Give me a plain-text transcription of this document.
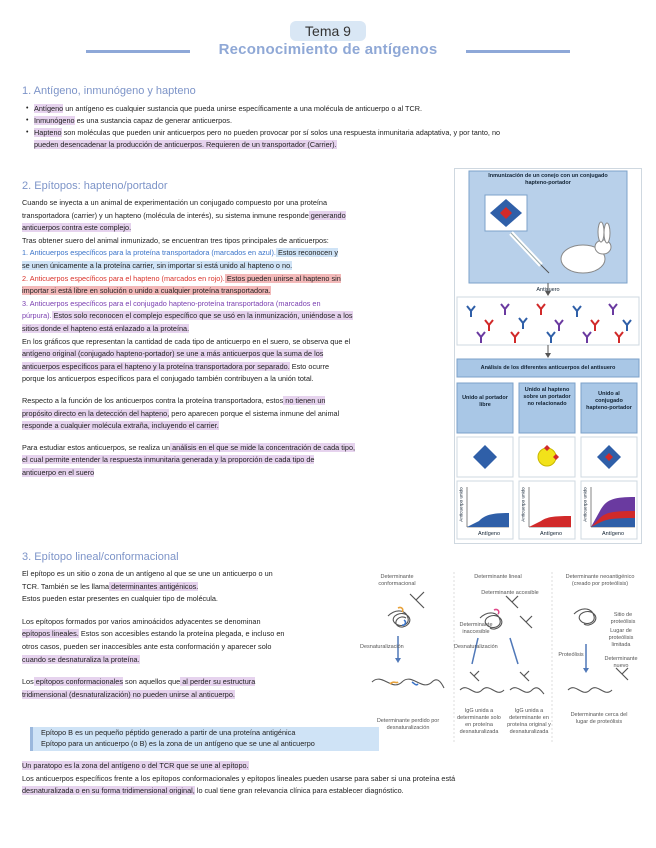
Tema 9
Reconocimiento de antígenos
1. Antígeno, inmunógeno y hapteno
• Antígeno un antígeno es cualquier sustancia que pueda unirse específicamente a una molécula de anticuerpo o al TCR.
• Inmunógeno es una sustancia capaz de generar anticuerpos.
• Hapteno son moléculas que pueden unir anticuerpos pero no pueden provocar por sí solos una respuesta inmunitaria adaptativa, y por tanto, no
pueden desencadenar la producción de anticuerpos. Requieren de un transportador (Carrier).
2. Epítopos: hapteno/portador
Cuando se inyecta a un animal de experimentación un conjugado compuesto por una proteína
transportadora (carrier) y un hapteno (molécula de interés), su sistema inmune responde generando
anticuerpos contra este complejo.
Tras obtener suero del animal inmunizado, se encuentran tres tipos principales de anticuerpos:
1. Anticuerpos específicos para la proteína transportadora (marcados en azul). Estos reconocen y
se unen únicamente a la proteína carrier, sin importar si está unido al hapteno o no.
2. Anticuerpos específicos para el hapteno (marcados en rojo). Estos pueden unirse al hapteno sin
importar si está libre en solución o unido a cualquier proteína transportadora.
3. Anticuerpos específicos para el conjugado hapteno-proteína transportadora (marcados en
púrpura). Estos solo reconocen el complejo específico que se usó en la inmunización, uniéndose a los
sitios donde el hapteno está enlazado a la proteína.
En los gráficos que representan la cantidad de cada tipo de anticuerpo en el suero, se observa que el
antígeno original (conjugado hapteno-portador) se une a más anticuerpos que la suma de los
anticuerpos específicos para el hapteno y la proteína transportadora por separado. Esto ocurre
porque los anticuerpos específicos para el conjugado también contribuyen a la unión total.
Respecto a la función de los anticuerpos contra la proteína transportadora, estos no tienen un
propósito directo en la detección del hapteno, pero aparecen porque el sistema inmune del animal
responde a cualquier molécula extraña, incluyendo el carrier.
Para estudiar estos anticuerpos, se realiza un análisis en el que se mide la concentración de cada tipo,
el cual permite entender la respuesta inmunitaria generada y la proporción de cada tipo de
anticuerpo en el suero
Inmunización de un conejo con un conjugado hapteno-portador
Antisuero
Análisis de los diferentes anticuerpos del antisuero
Unido al portador libre
Unido al hapteno sobre un portador no relacionado
Unido al conjugado hapteno-portador
Antígeno	Antígeno	Antígeno
Anticuerpo unido	Anticuerpo unido	Anticuerpo unido
3. Epítopo lineal/conformacional
El epítopo es un sitio o zona de un antígeno al que se une un anticuerpo o un
TCR. También se les llama determinantes antigénicos.
Estos pueden estar presentes en cualquier tipo de molécula.
Los epítopos formados por varios aminoácidos adyacentes se denominan
epítopos lineales. Estos son accesibles estando la proteína plegada, e incluso en
otros casos, pueden ser inaccesibles ante esta conformación y aparecer solo
cuando se desnaturaliza la proteína.
Los epítopos conformacionales son aquellos que al perder su estructura
tridimensional (desnaturalización) no pueden unirse al anticuerpo.
Epítopo B es un pequeño péptido generado a partir de una proteína antigénica
Epítopo para un anticuerpo (o B) es la zona de un antígeno que se une al anticuerpo
Un paratopo es la zona del antígeno o del TCR que se une al epítopo.
Los anticuerpos específicos frente a los epítopos conformacionales y epítopos lineales pueden usarse para saber si una proteína está
desnaturalizada o en su forma tridimensional original, lo cual tiene gran relevancia clínica para establecer diagnóstico.
Determinante conformacional
Determinante lineal
Determinante accesible
Determinante inaccesible
Determinante neoantigénico (creado por proteólisis)
Sitio de proteólisis
Lugar de proteólisis limitada
Determinante nuevo
Desnaturalización	Desnaturalización
Proteólisis
Determinante perdido por desnaturalización
IgG unida a determinante solo en proteína desnaturalizada
IgG unida a determinante en proteína original y desnaturalizada
Determinante cerca del lugar de proteólisis
